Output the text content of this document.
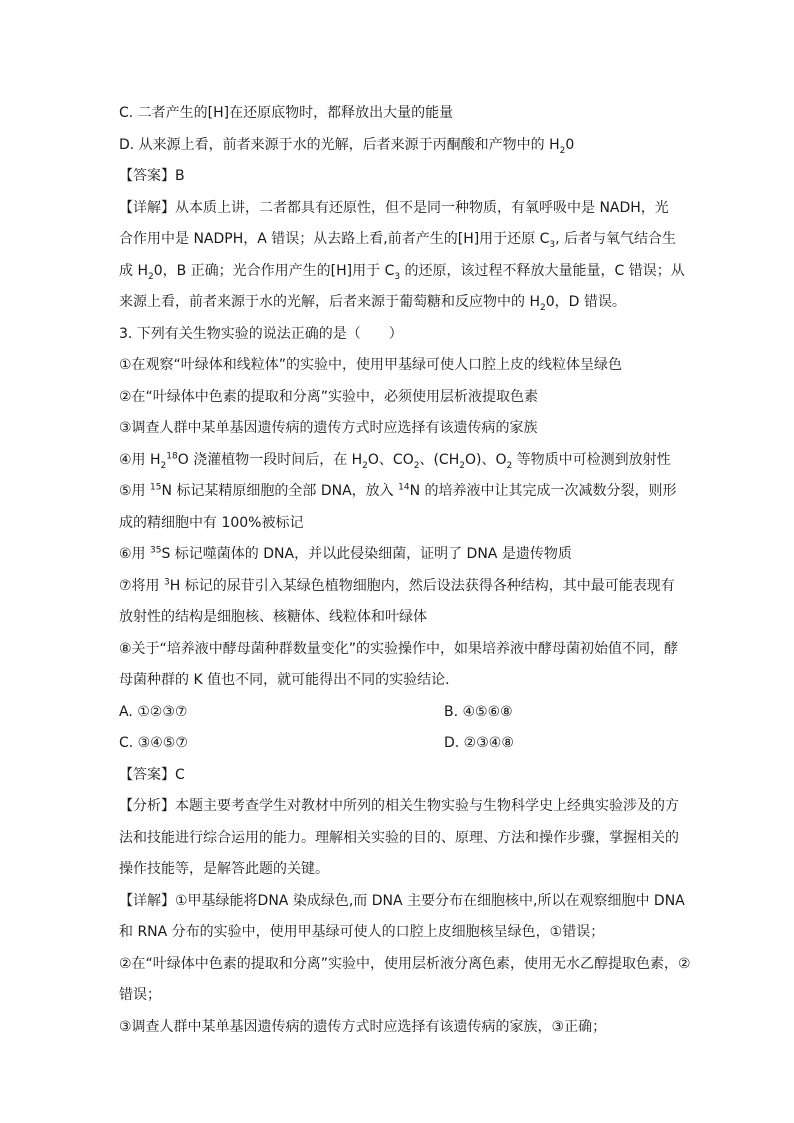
C. 二者产生的[H]在还原底物时，都释放出大量的能量
D. 从来源上看，前者来源于水的光解，后者来源于丙酮酸和产物中的 $H_20$
【答案】B
【详解】从本质上讲，二者都具有还原性，但不是同一种物质，有氧呼吸中是 NADH，光
合作用中是 NADPH，A 错误；从去路上看,前者产生的[H]用于还原 $C_3$, 后者与氧气结合生
成 $H_20$，B 正确；光合作用产生的[H]用于 $C_3$ 的还原，该过程不释放大量能量，C 错误；从
来源上看，前者来源于水的光解，后者来源于葡萄糖和反应物中的 $H_20$，D 错误。
3. 下列有关生物实验的说法正确的是（　　）
①在观察“叶绿体和线粒体”的实验中，使用甲基绿可使人口腔上皮的线粒体呈绿色
②在“叶绿体中色素的提取和分离”实验中，必须使用层析液提取色素
③调查人群中某单基因遗传病的遗传方式时应选择有该遗传病的家族
④用 $H_2^{18}O$ 浇灌植物一段时间后，在 $H_2O$、$CO_2$、$(CH_2O)$、$O_2$ 等物质中可检测到放射性
⑤用 $^{15}$N 标记某精原细胞的全部 DNA，放入 $^{14}$N 的培养液中让其完成一次减数分裂，则形
成的精细胞中有 100%被标记
⑥用 $^{35}$S 标记噬菌体的 DNA，并以此侵染细菌，证明了 DNA 是遗传物质
⑦将用 $^3$H 标记的尿苷引入某绿色植物细胞内，然后设法获得各种结构，其中最可能表现有
放射性的结构是细胞核、核糖体、线粒体和叶绿体
⑧关于“培养液中酵母菌种群数量变化”的实验操作中，如果培养液中酵母菌初始值不同，酵
母菌种群的 K 值也不同，就可能得出不同的实验结论．
A. ①②③⑦	B. ④⑤⑥⑧
C. ③④⑤⑦	D. ②③④⑧
【答案】C
【分析】本题主要考查学生对教材中所列的相关生物实验与生物科学史上经典实验涉及的方
法和技能进行综合运用的能力。理解相关实验的目的、原理、方法和操作步骤，掌握相关的
操作技能等，是解答此题的关键。
【详解】①甲基绿能将DNA 染成绿色,而 DNA 主要分布在细胞核中,所以在观察细胞中 DNA
和 RNA 分布的实验中，使用甲基绿可使人的口腔上皮细胞核呈绿色，①错误；
②在“叶绿体中色素的提取和分离”实验中，使用层析液分离色素，使用无水乙醇提取色素，②
错误；
③调查人群中某单基因遗传病的遗传方式时应选择有该遗传病的家族，③正确；
